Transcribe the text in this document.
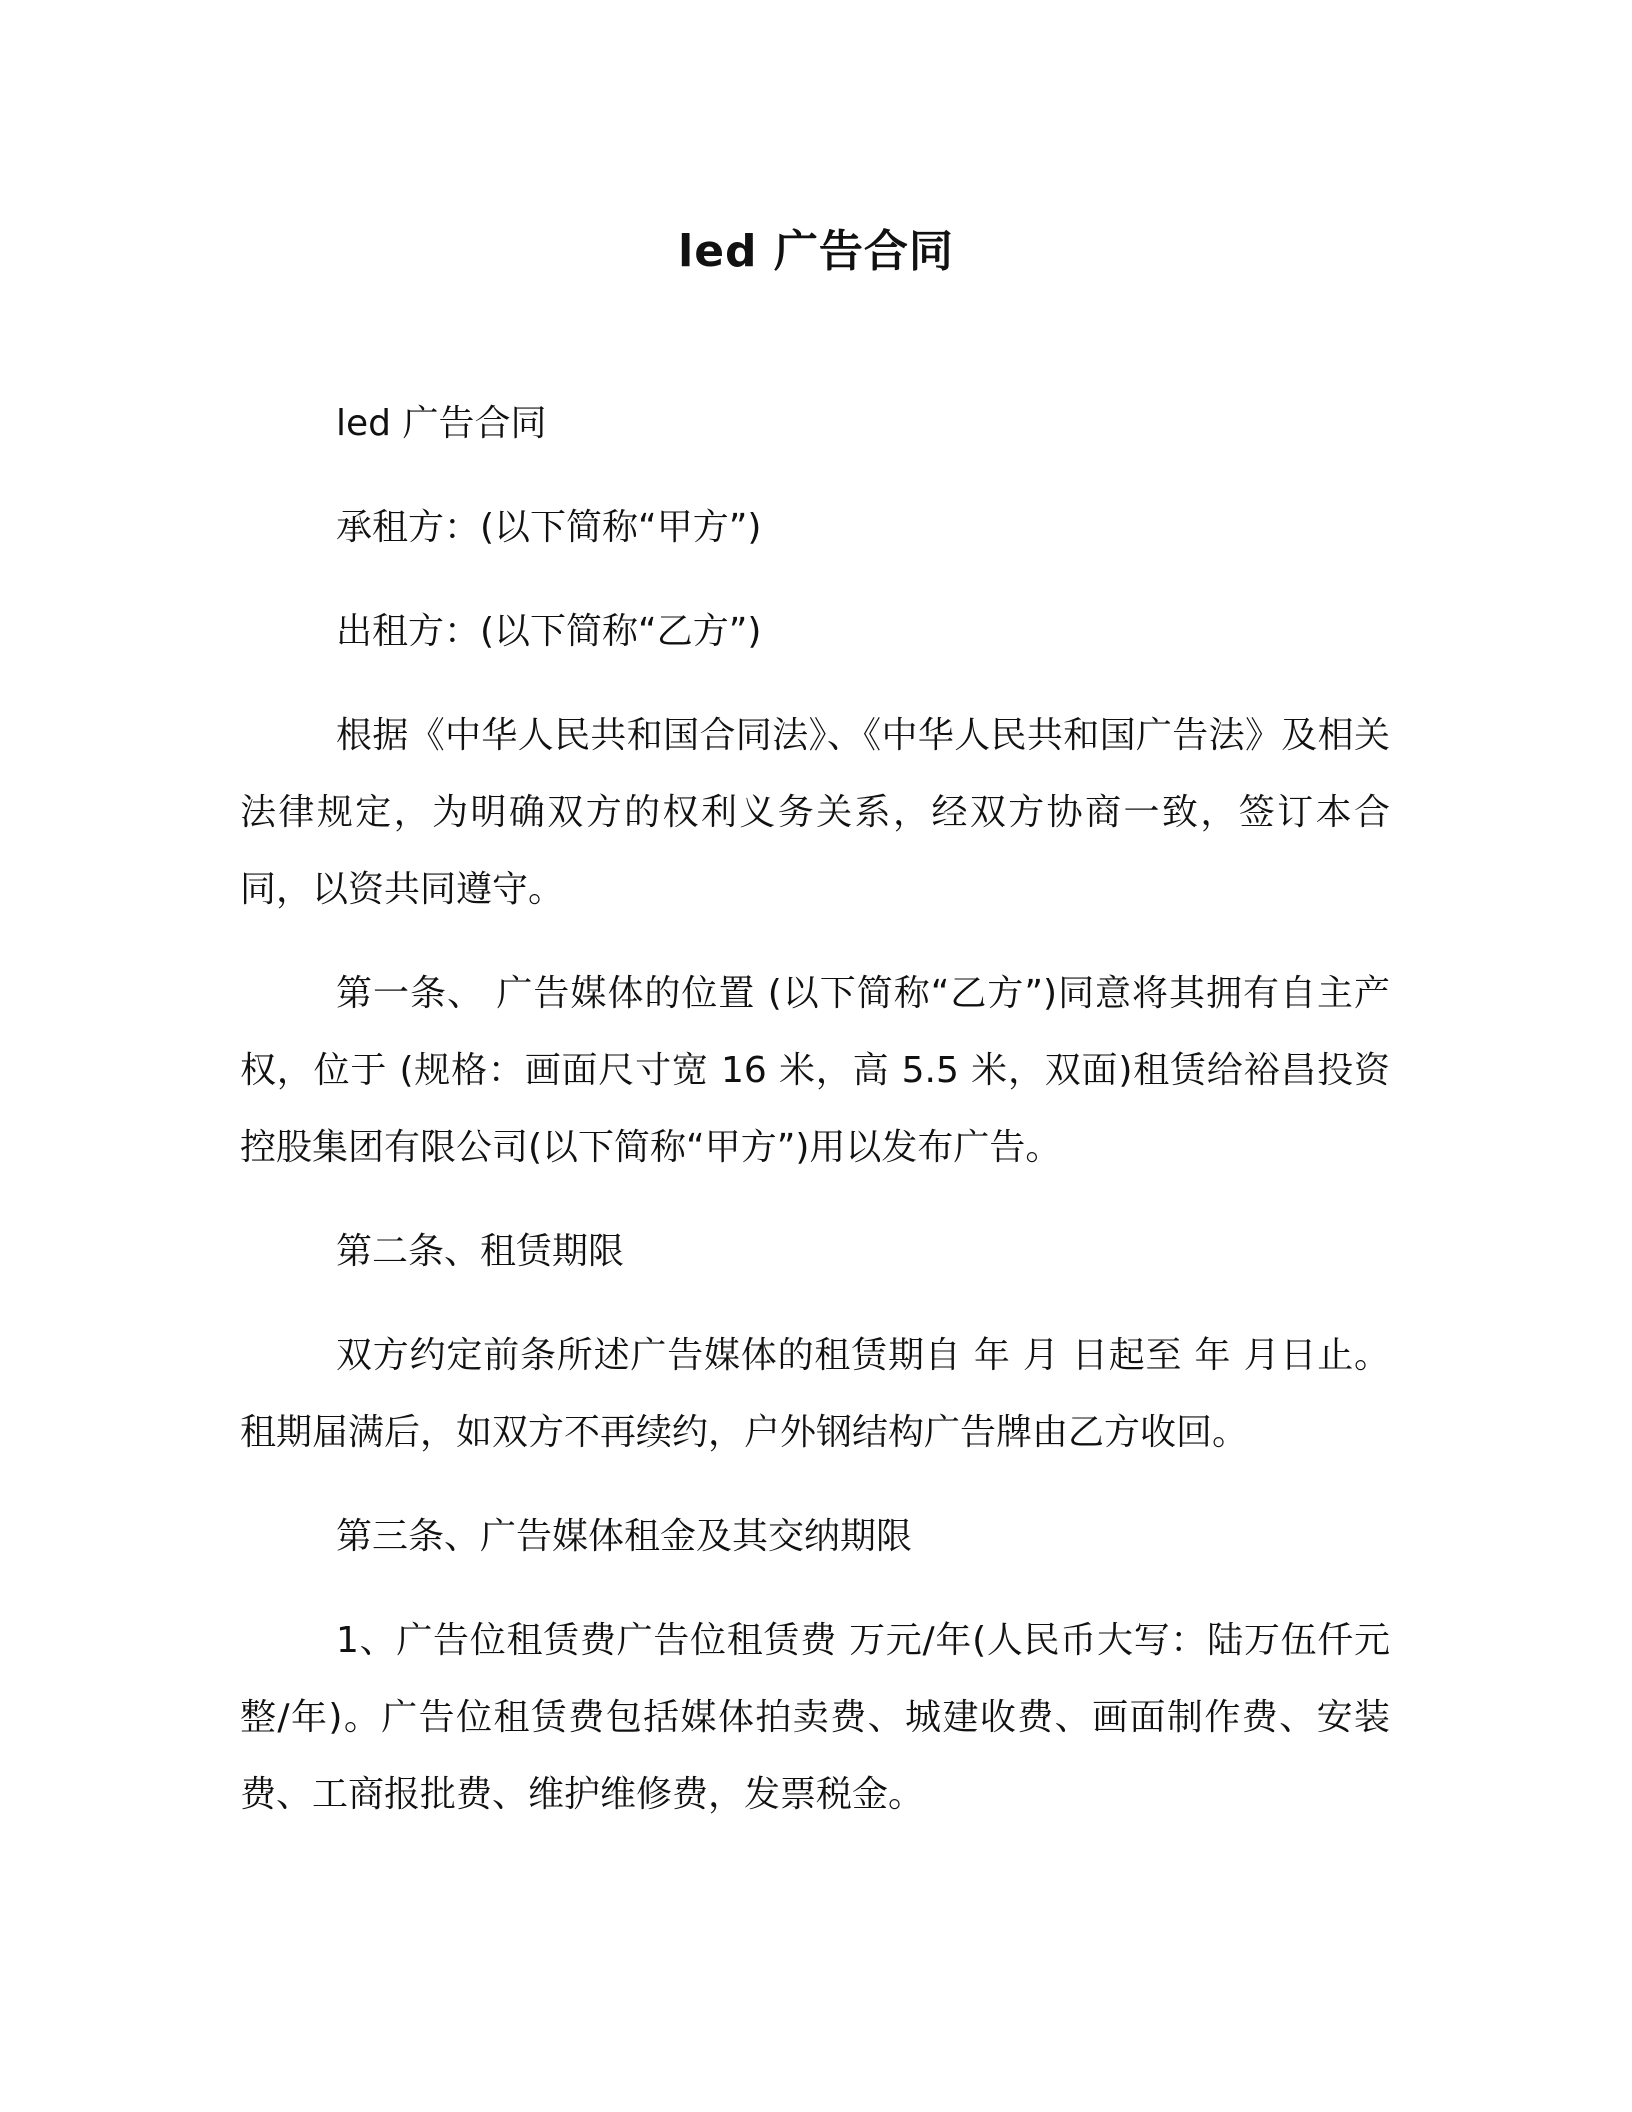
led 广告合同

led 广告合同

承租方：(以下简称“甲方”)

出租方：(以下简称“乙方”)

根据《中华人民共和国合同法》、《中华人民共和国广告法》及相关法律规定，为明确双方的权利义务关系，经双方协商一致，签订本合同，以资共同遵守。

第一条、 广告媒体的位置 (以下简称“乙方”)同意将其拥有自主产权，位于 (规格：画面尺寸宽 16 米，高 5.5 米，双面)租赁给裕昌投资控股集团有限公司(以下简称“甲方”)用以发布广告。

第二条、租赁期限

双方约定前条所述广告媒体的租赁期自 年 月 日起至 年 月日止。租期届满后，如双方不再续约，户外钢结构广告牌由乙方收回。

第三条、广告媒体租金及其交纳期限

1、广告位租赁费广告位租赁费 万元/年(人民币大写：陆万伍仟元整/年)。广告位租赁费包括媒体拍卖费、城建收费、画面制作费、安装费、工商报批费、维护维修费，发票税金。
